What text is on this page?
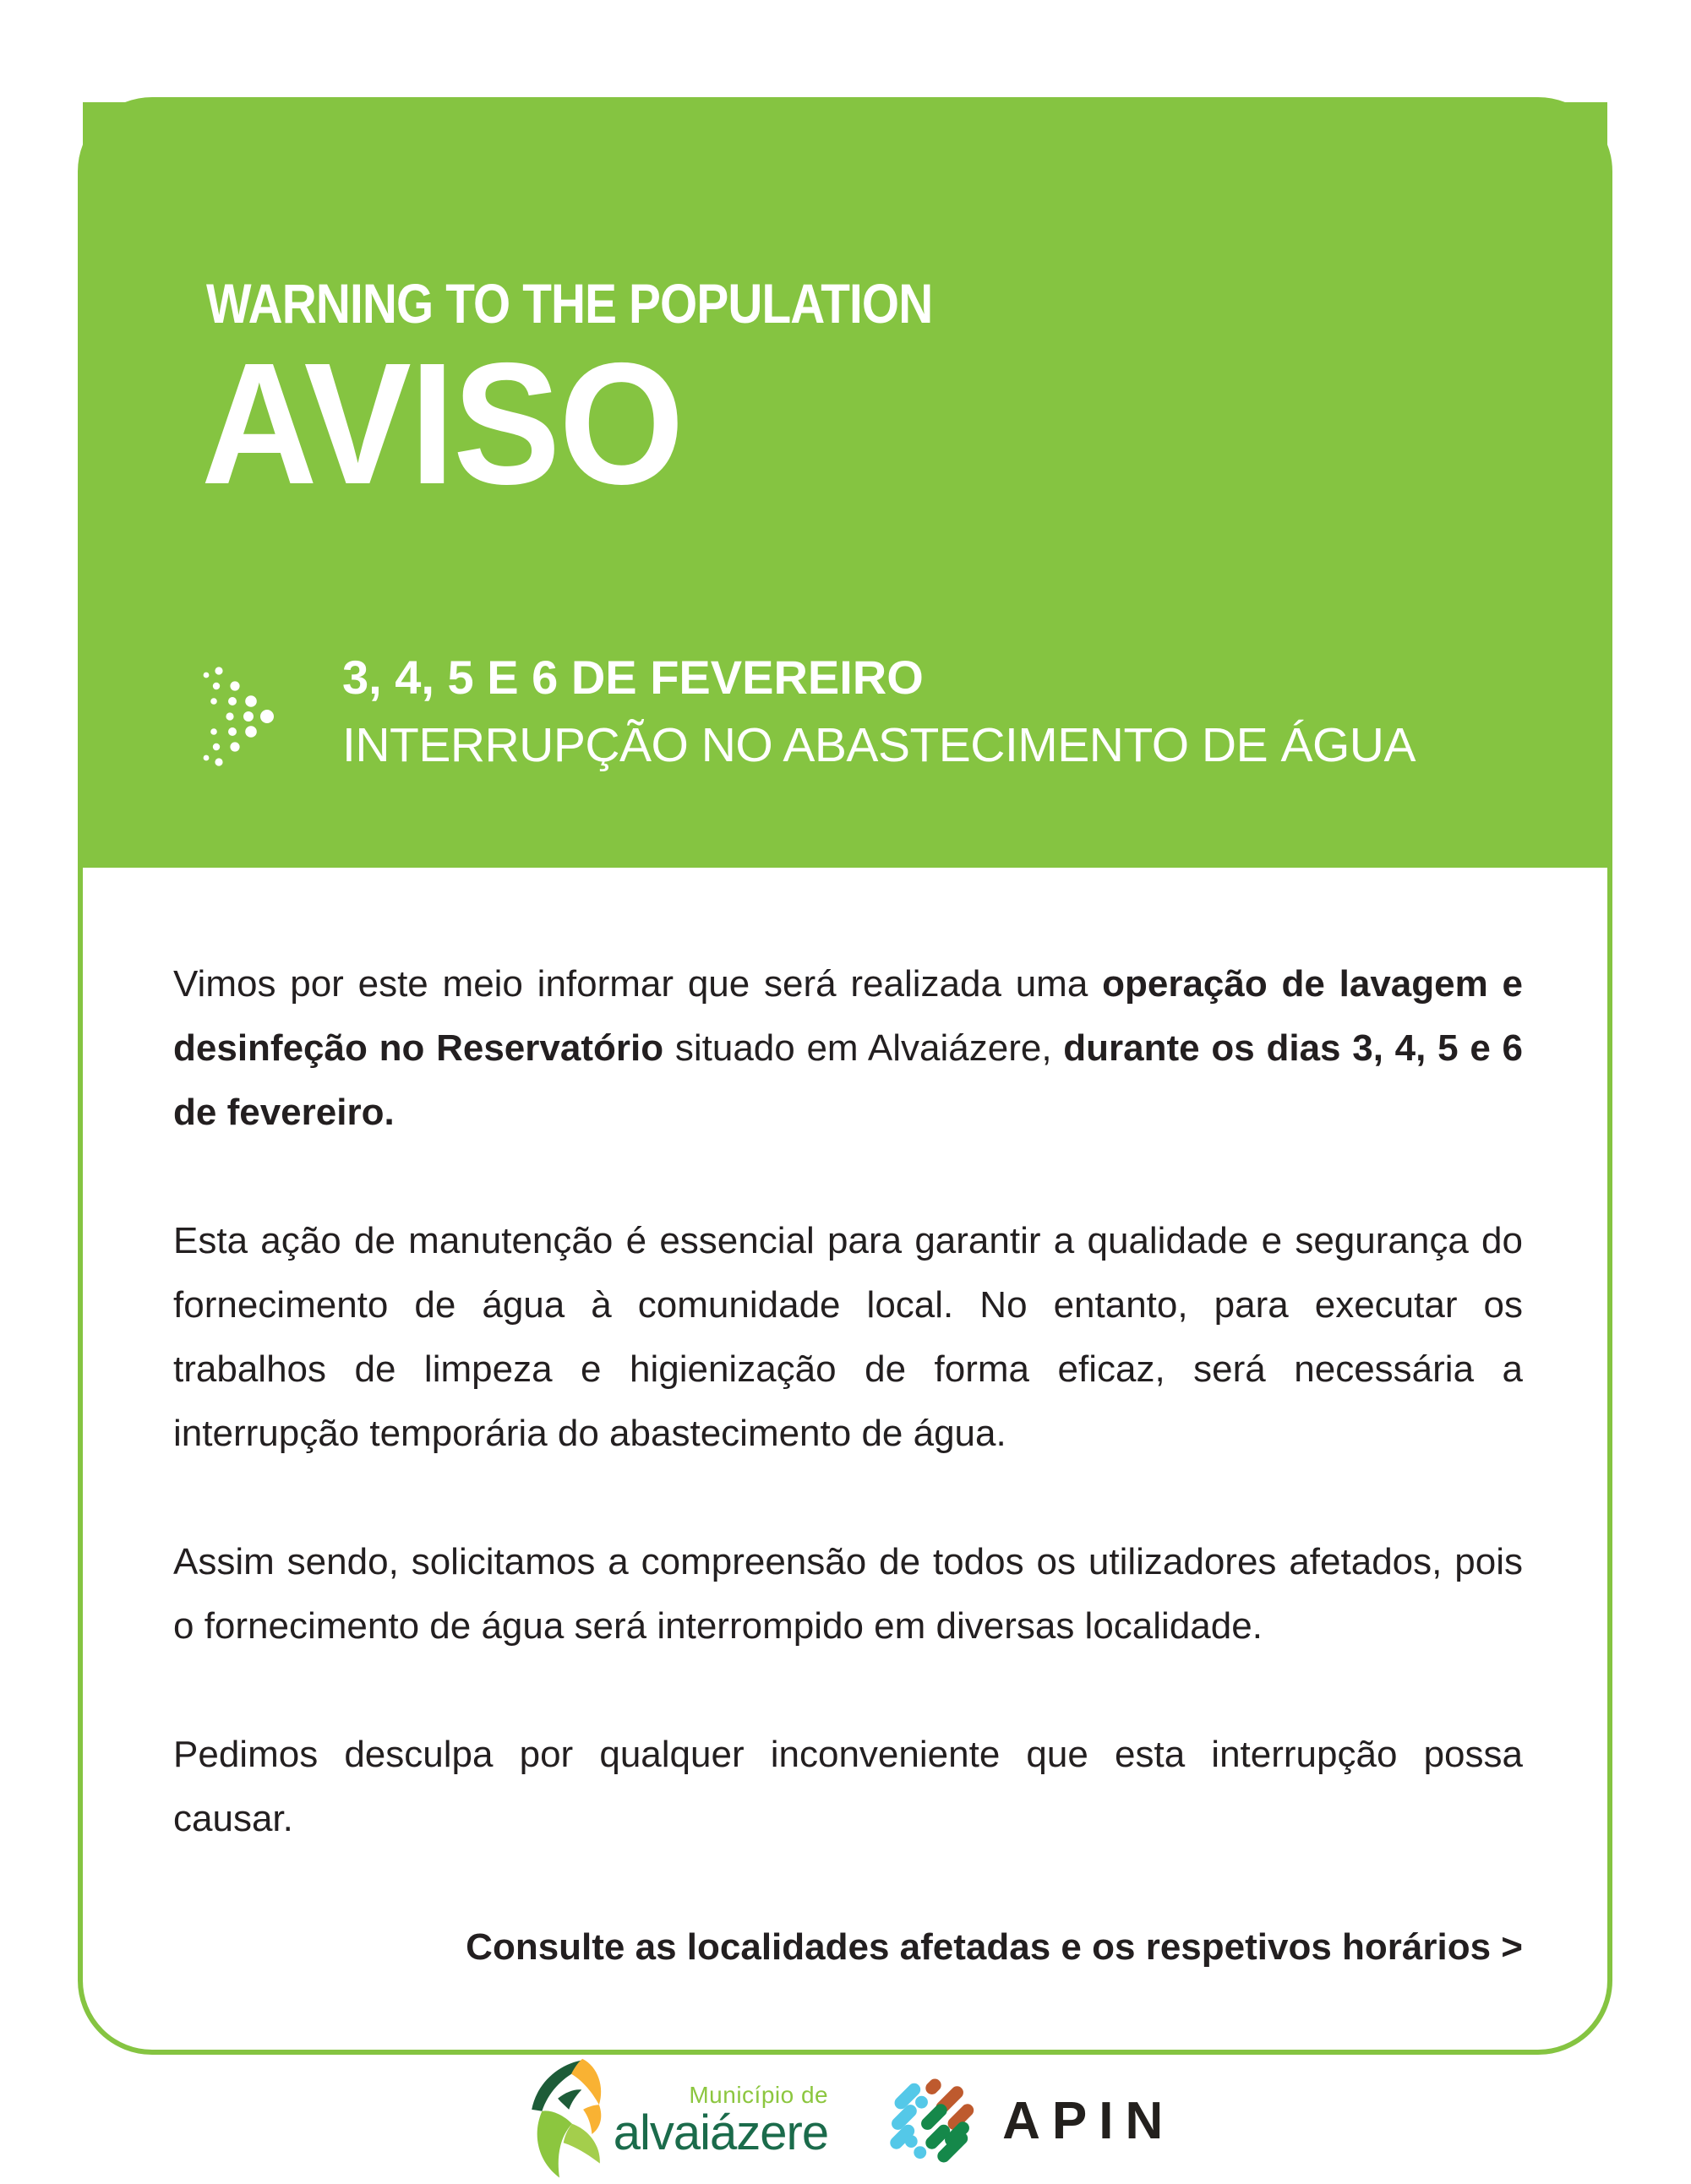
WARNING TO THE POPULATION
AVISO
3, 4, 5 E 6 DE FEVEREIRO
INTERRUPÇÃO NO ABASTECIMENTO DE ÁGUA

Vimos por este meio informar que será realizada uma operação de lavagem e desinfeção no Reservatório situado em Alvaiázere, durante os dias 3, 4, 5 e 6 de fevereiro.

Esta ação de manutenção é essencial para garantir a qualidade e segurança do fornecimento de água à comunidade local. No entanto, para executar os trabalhos de limpeza e higienização de forma eficaz, será necessária a interrupção temporária do abastecimento de água.

Assim sendo, solicitamos a compreensão de todos os utilizadores afetados, pois o fornecimento de água será interrompido em diversas localidade.

Pedimos desculpa por qualquer inconveniente que esta interrupção possa causar.

Consulte as localidades afetadas e os respetivos horários >
Município de
alvaiázere	APIN
